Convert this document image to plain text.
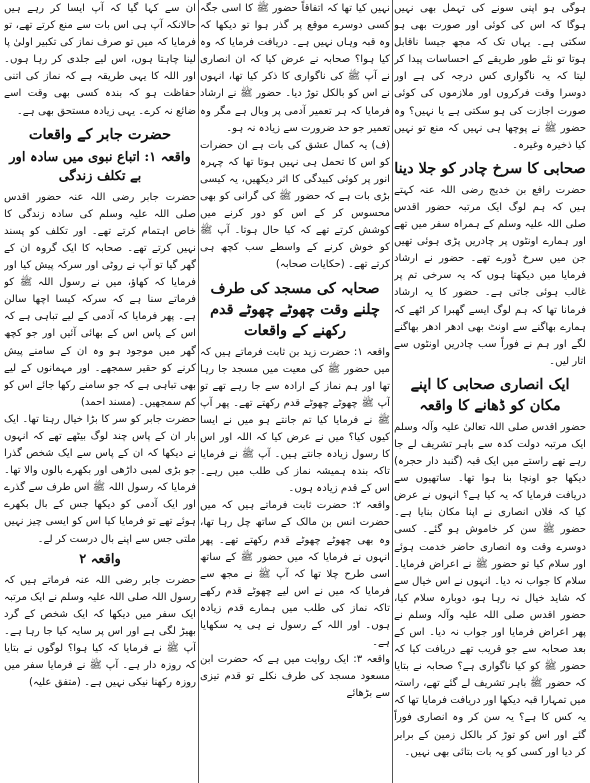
ہوگی ہو اپنی سونے کی تہمل بھی نہیں ہوگا کہ اس کی کوئی اور صورت بھی ہو سکتی ہے۔ یہاں تک کہ مجھ جیسا ناقابل ہوتا تو نئے طور طریقے کے احساسات پیدا کر لیتا کہ یہ ناگواری کس درجہ کی ہے اور دوسرا وقت فرکروں اور ملازموں کی کوئی صورت اجازت کی ہو سکتی ہے یا نہیں؟ وہ حضور ﷺ نے پوچھا ہی نہیں کہ منع تو نہیں کیا ذخیرہ وغیرہ۔

صحابی کا سرخ چادر کو جلا دینا

حضرت رافع بن خدیج رضی اللہ عنہ کہتے ہیں کہ ہم لوگ ایک مرتبہ حضور اقدس صلی اللہ علیہ وسلم کے ہمراہ سفر میں تھے اور ہمارے اونٹوں پر چادریں پڑی ہوئی تھیں جن میں سرخ ڈورے تھے۔ حضور نے ارشاد فرمایا میں دیکھتا ہوں کہ یہ سرخی تم پر غالب ہوئی جاتی ہے۔ حضور کا یہ ارشاد فرمانا تھا کہ ہم لوگ ایسے گھبرا کر اٹھے کہ ہمارے بھاگنے سے اونٹ بھی ادھر ادھر بھاگنے لگے اور ہم نے فوراً سب چادریں اونٹوں سے اتار لیں۔

ایک انصاری صحابی کا اپنے مکان کو ڈھانے کا واقعہ

حضور اقدس صلی اللہ تعالیٰ علیہ وآلہ وسلم ایک مرتبہ دولت کدہ سے باہر تشریف لے جا رہے تھے راستے میں ایک قبہ (گنبد دار حجرہ) دیکھا جو اونچا بنا ہوا تھا۔ ساتھیوں سے دریافت فرمایا کہ یہ کیا ہے؟ انہوں نے عرض کیا کہ فلاں انصاری نے اپنا مکان بنایا ہے۔ حضور ﷺ سن کر خاموش ہو گئے۔ کسی دوسرے وقت وہ انصاری حاضر خدمت ہوئے اور سلام کیا تو حضور ﷺ نے اعراض فرمایا۔ سلام کا جواب نہ دیا۔ انہوں نے اس خیال سے کہ شاید خیال نہ رہا ہو، دوبارہ سلام کیا، حضور اقدس صلی اللہ علیہ وآلہ وسلم نے پھر اعراض فرمایا اور جواب نہ دیا۔ اس کے بعد صحابہ سے جو قریب تھے دریافت کیا کہ حضور ﷺ کو کیا ناگواری ہے؟ صحابہ نے بتایا کہ حضور ﷺ باہر تشریف لے گئے تھے، راستہ میں تمہارا قبہ دیکھا اور دریافت فرمایا تھا کہ یہ کس کا ہے؟ یہ سن کر وہ انصاری فوراً گئے اور اس کو توڑ کر بالکل زمین کے برابر کر دیا اور کسی کو یہ بات بتائی بھی نہیں۔

نہیں کیا تھا کہ اتفاقاً حضور ﷺ کا اسی جگہ کسی دوسرے موقع پر گذر ہوا تو دیکھا کہ وہ قبہ وہاں نہیں ہے۔ دریافت فرمایا کہ وہ کیا ہوا؟ صحابہ نے عرض کیا کہ ان انصاری نے آپ ﷺ کی ناگواری کا ذکر کیا تھا، انہوں نے اس کو بالکل توڑ دیا۔ حضور ﷺ نے ارشاد فرمایا کہ ہر تعمیر آدمی پر وبال ہے مگر وہ تعمیر جو حد ضرورت سے زیادہ نہ ہو۔

(ف) یہ کمال عشق کی بات ہے ان حضرات کو اس کا تحمل ہی نہیں ہوتا تھا کہ چہرہ انور پر کوئی کبیدگی کا اثر دیکھیں، یہ کیسی بڑی بات ہے کہ حضور ﷺ کی گرانی کو بھی محسوس کر کے اس کو دور کرنے میں کوشش کرتے تھے کہ کیا حال ہوتا۔ آپ ﷺ کو خوش کرنے کے واسطے سب کچھ ہی کرتے تھے۔ (حکایات صحابہ)

صحابہ کی مسجد کی طرف چلنے وقت چھوٹے چھوٹے قدم رکھنے کے واقعات

واقعہ ۱: حضرت زید بن ثابت فرماتے ہیں کہ میں حضور ﷺ کی معیت میں مسجد جا رہا تھا اور ہم نماز کے ارادہ سے جا رہے تھے تو آپ ﷺ چھوٹے چھوٹے قدم رکھتے تھے۔ پھر آپ ﷺ نے فرمایا کیا تم جانتے ہو میں نے ایسا کیوں کیا؟ میں نے عرض کیا کہ اللہ اور اس کا رسول زیادہ جانتے ہیں۔ آپ ﷺ نے فرمایا تاکہ بندہ ہمیشہ نماز کی طلب میں رہے۔ اس کے قدم زیادہ ہوں۔

واقعہ ۲: حضرت ثابت فرماتے ہیں کہ میں حضرت انس بن مالک کے ساتھ چل رہا تھا، وہ بھی چھوٹے چھوٹے قدم رکھتے تھے۔ پھر انہوں نے فرمایا کہ میں حضور ﷺ کے ساتھ اسی طرح چلا تھا کہ آپ ﷺ نے مجھ سے فرمایا کہ میں نے اس لیے چھوٹے قدم رکھے تاکہ نماز کی طلب میں ہمارے قدم زیادہ ہوں۔ اور اللہ کے رسول نے ہی یہ سکھایا ہے۔

واقعہ ۳: ایک روایت میں ہے کہ حضرت ابن مسعود مسجد کی طرف نکلے تو قدم تیزی سے بڑھائے

ان سے کہا گیا کہ آپ ایسا کر رہے ہیں حالانکہ آپ ہی اس بات سے منع کرتے تھے، تو فرمایا کہ میں تو صرف نماز کی تکبیر اولیٰ پا لینا چاہتا ہوں، اس لیے جلدی کر رہا ہوں۔ اور اللہ کا یہی طریقہ ہے کہ نماز کی اتنی حفاظت ہو کہ بندہ کسی بھی وقت اسے ضائع نہ کرے۔ یہی زیادہ مستحق بھی ہے۔

حضرت جابر کے واقعات
واقعہ ۱: اتباع نبوی میں سادہ اور بے تکلف زندگی

حضرت جابر رضی اللہ عنہ حضور اقدس صلی اللہ علیہ وسلم کی سادہ زندگی کا خاص اہتمام کرتے تھے۔ اور تکلف کو پسند نہیں کرتے تھے۔ صحابہ کا ایک گروہ ان کے گھر گیا تو آپ نے روٹی اور سرکہ پیش کیا اور فرمایا کہ کھاؤ، میں نے رسول اللہ ﷺ کو فرماتے سنا ہے کہ سرکہ کیسا اچھا سالن ہے۔ پھر فرمایا کہ آدمی کے لیے تباہی ہے کہ اس کے پاس اس کے بھائی آئیں اور جو کچھ گھر میں موجود ہو وہ ان کے سامنے پیش کرنے کو حقیر سمجھے۔ اور مہمانوں کے لیے بھی تباہی ہے کہ جو سامنے رکھا جائے اس کو کم سمجھیں۔ (مسند احمد)

حضرت جابر کو سر کا بڑا خیال رہتا تھا۔ ایک بار ان کے پاس چند لوگ بیٹھے تھے کہ انہوں نے دیکھا کہ ان کے پاس سے ایک شخص گذرا جو بڑی لمبی داڑھی اور بکھرے بالوں والا تھا۔ فرمایا کہ رسول اللہ ﷺ اس طرف سے گذرے اور ایک آدمی کو دیکھا جس کے بال بکھرے ہوئے تھے تو فرمایا کیا اس کو ایسی چیز نہیں ملتی جس سے اپنے بال درست کر لے۔

واقعہ ۲

حضرت جابر رضی اللہ عنہ فرماتے ہیں کہ رسول اللہ صلی اللہ علیہ وسلم نے ایک مرتبہ ایک سفر میں دیکھا کہ ایک شخص کے گرد بھیڑ لگی ہے اور اس پر سایہ کیا جا رہا ہے۔ آپ ﷺ نے فرمایا کہ کیا ہوا؟ لوگوں نے بتایا کہ روزہ دار ہے۔ آپ ﷺ نے فرمایا سفر میں روزہ رکھنا نیکی نہیں ہے۔ (متفق علیہ)
